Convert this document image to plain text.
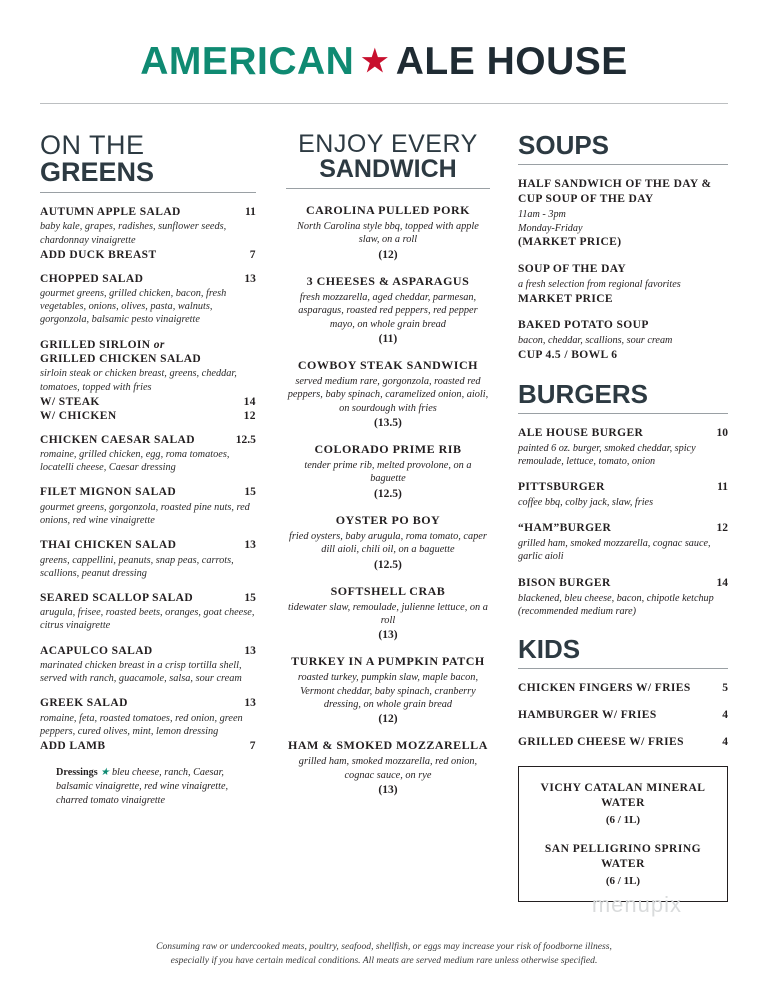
AMERICAN ★ ALE HOUSE
ON THE
GREENS
AUTUMN APPLE SALAD	11
baby kale, grapes, radishes, sunflower seeds, chardonnay vinaigrette
ADD DUCK BREAST	7
CHOPPED SALAD	13
gourmet greens, grilled chicken, bacon, fresh vegetables, onions, olives, pasta, walnuts, gorgonzola, balsamic pesto vinaigrette
GRILLED SIRLOIN or
GRILLED CHICKEN SALAD
sirloin steak or chicken breast, greens, cheddar, tomatoes, topped with fries
W/ STEAK	14
W/ CHICKEN	12
CHICKEN CAESAR SALAD	12.5
romaine, grilled chicken, egg, roma tomatoes, locatelli cheese, Caesar dressing
FILET MIGNON SALAD	15
gourmet greens, gorgonzola, roasted pine nuts, red onions, red wine vinaigrette
THAI CHICKEN SALAD	13
greens, cappellini, peanuts, snap peas, carrots, scallions, peanut dressing
SEARED SCALLOP SALAD	15
arugula, frisee, roasted beets, oranges, goat cheese, citrus vinaigrette
ACAPULCO SALAD	13
marinated chicken breast in a crisp tortilla shell, served with ranch, guacamole, salsa, sour cream
GREEK SALAD	13
romaine, feta, roasted tomatoes, red onion, green peppers, cured olives, mint, lemon dressing
ADD LAMB	7
Dressings ★ bleu cheese, ranch, Caesar, balsamic vinaigrette, red wine vinaigrette, charred tomato vinaigrette
ENJOY EVERY
SANDWICH
CAROLINA PULLED PORK
North Carolina style bbq, topped with apple slaw, on a roll
(12)
3 CHEESES & ASPARAGUS
fresh mozzarella, aged cheddar, parmesan, asparagus, roasted red peppers, red pepper mayo, on whole grain bread
(11)
COWBOY STEAK SANDWICH
served medium rare, gorgonzola, roasted red peppers, baby spinach, caramelized onion, aioli, on sourdough with fries
(13.5)
COLORADO PRIME RIB
tender prime rib, melted provolone, on a baguette
(12.5)
OYSTER PO BOY
fried oysters, baby arugula, roma tomato, caper dill aioli, chili oil, on a baguette
(12.5)
SOFTSHELL CRAB
tidewater slaw, remoulade, julienne lettuce, on a roll
(13)
TURKEY IN A PUMPKIN PATCH
roasted turkey, pumpkin slaw, maple bacon, Vermont cheddar, baby spinach, cranberry dressing, on whole grain bread
(12)
HAM & SMOKED MOZZARELLA
grilled ham, smoked mozzarella, red onion, cognac sauce, on rye
(13)
SOUPS
HALF SANDWICH OF THE DAY & CUP SOUP OF THE DAY
11am - 3pm
Monday-Friday
(MARKET PRICE)
SOUP OF THE DAY
a fresh selection from regional favorites
MARKET PRICE
BAKED POTATO SOUP
bacon, cheddar, scallions, sour cream
CUP 4.5 / BOWL 6
BURGERS
ALE HOUSE BURGER	10
painted 6 oz. burger, smoked cheddar, spicy remoulade, lettuce, tomato, onion
PITTSBURGER	11
coffee bbq, colby jack, slaw, fries
“HAM”BURGER	12
grilled ham, smoked mozzarella, cognac sauce, garlic aioli
BISON BURGER	14
blackened, bleu cheese, bacon, chipotle ketchup (recommended medium rare)
KIDS
CHICKEN FINGERS W/ FRIES	5
HAMBURGER W/ FRIES	4
GRILLED CHEESE W/ FRIES	4
VICHY CATALAN MINERAL WATER
(6 / 1L)
SAN PELLIGRINO SPRING WATER
(6 / 1L)
menupix
Consuming raw or undercooked meats, poultry, seafood, shellfish, or eggs may increase your risk of foodborne illness,
especially if you have certain medical conditions. All meats are served medium rare unless otherwise specified.
